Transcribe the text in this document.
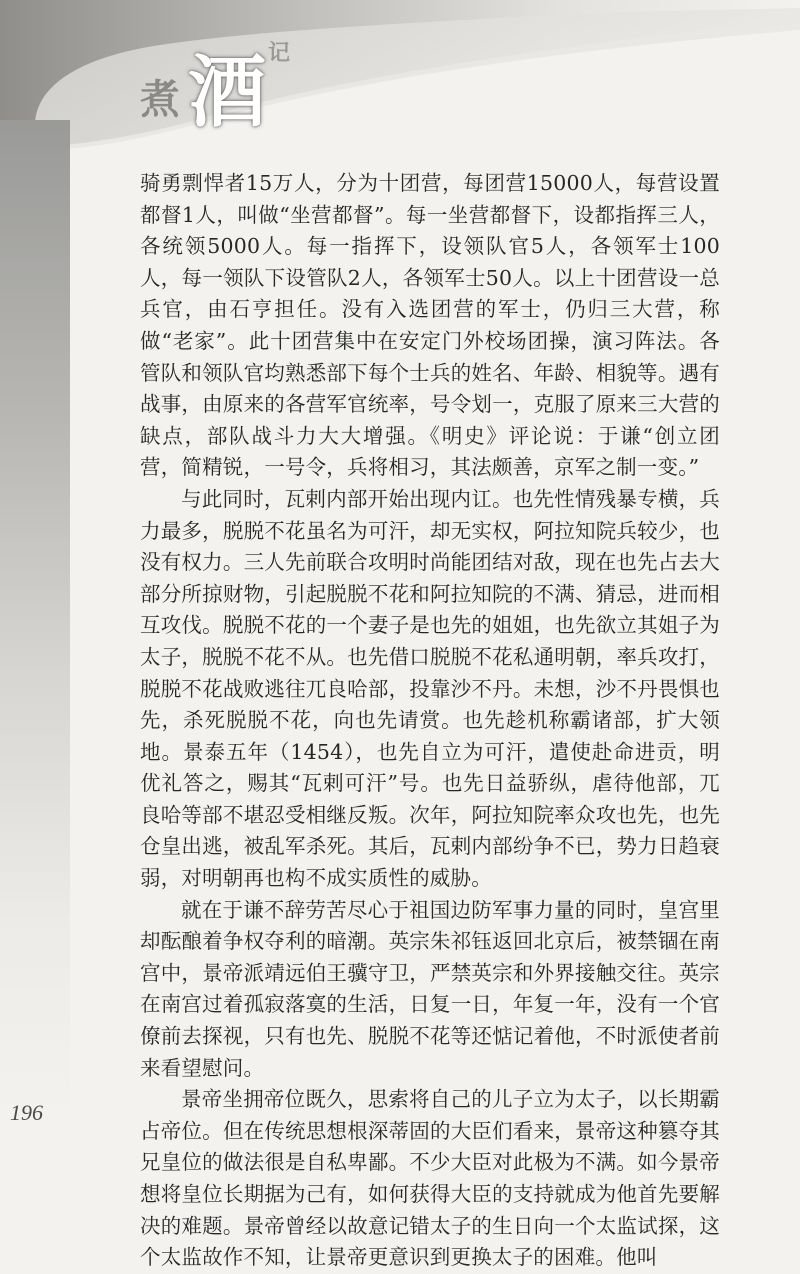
煮 酒 记

骑勇剽悍者15万人，分为十团营，每团营15000人，每营设置都督1人，叫做“坐营都督”。每一坐营都督下，设都指挥三人，各统领5000人。每一指挥下，设领队官5人，各领军士100人，每一领队下设管队2人，各领军士50人。以上十团营设一总兵官，由石亨担任。没有入选团营的军士，仍归三大营，称做“老家”。此十团营集中在安定门外校场团操，演习阵法。各管队和领队官均熟悉部下每个士兵的姓名、年龄、相貌等。遇有战事，由原来的各营军官统率，号令划一，克服了原来三大营的缺点，部队战斗力大大增强。《明史》评论说：于谦“创立团营，简精锐，一号令，兵将相习，其法颇善，京军之制一变。”

与此同时，瓦剌内部开始出现内讧。也先性情残暴专横，兵力最多，脱脱不花虽名为可汗，却无实权，阿拉知院兵较少，也没有权力。三人先前联合攻明时尚能团结对敌，现在也先占去大部分所掠财物，引起脱脱不花和阿拉知院的不满、猜忌，进而相互攻伐。脱脱不花的一个妻子是也先的姐姐，也先欲立其姐子为太子，脱脱不花不从。也先借口脱脱不花私通明朝，率兵攻打，脱脱不花战败逃往兀良哈部，投靠沙不丹。未想，沙不丹畏惧也先，杀死脱脱不花，向也先请赏。也先趁机称霸诸部，扩大领地。景泰五年（1454），也先自立为可汗，遣使赴命进贡，明优礼答之，赐其“瓦剌可汗”号。也先日益骄纵，虐待他部，兀良哈等部不堪忍受相继反叛。次年，阿拉知院率众攻也先，也先仓皇出逃，被乱军杀死。其后，瓦剌内部纷争不已，势力日趋衰弱，对明朝再也构不成实质性的威胁。

就在于谦不辞劳苦尽心于祖国边防军事力量的同时，皇宫里却酝酿着争权夺利的暗潮。英宗朱祁钰返回北京后，被禁锢在南宫中，景帝派靖远伯王骥守卫，严禁英宗和外界接触交往。英宗在南宫过着孤寂落寞的生活，日复一日，年复一年，没有一个官僚前去探视，只有也先、脱脱不花等还惦记着他，不时派使者前来看望慰问。

景帝坐拥帝位既久，思索将自己的儿子立为太子，以长期霸占帝位。但在传统思想根深蒂固的大臣们看来，景帝这种篡夺其兄皇位的做法很是自私卑鄙。不少大臣对此极为不满。如今景帝想将皇位长期据为己有，如何获得大臣的支持就成为他首先要解决的难题。景帝曾经以故意记错太子的生日向一个太监试探，这个太监故作不知，让景帝更意识到更换太子的困难。他叫

196
